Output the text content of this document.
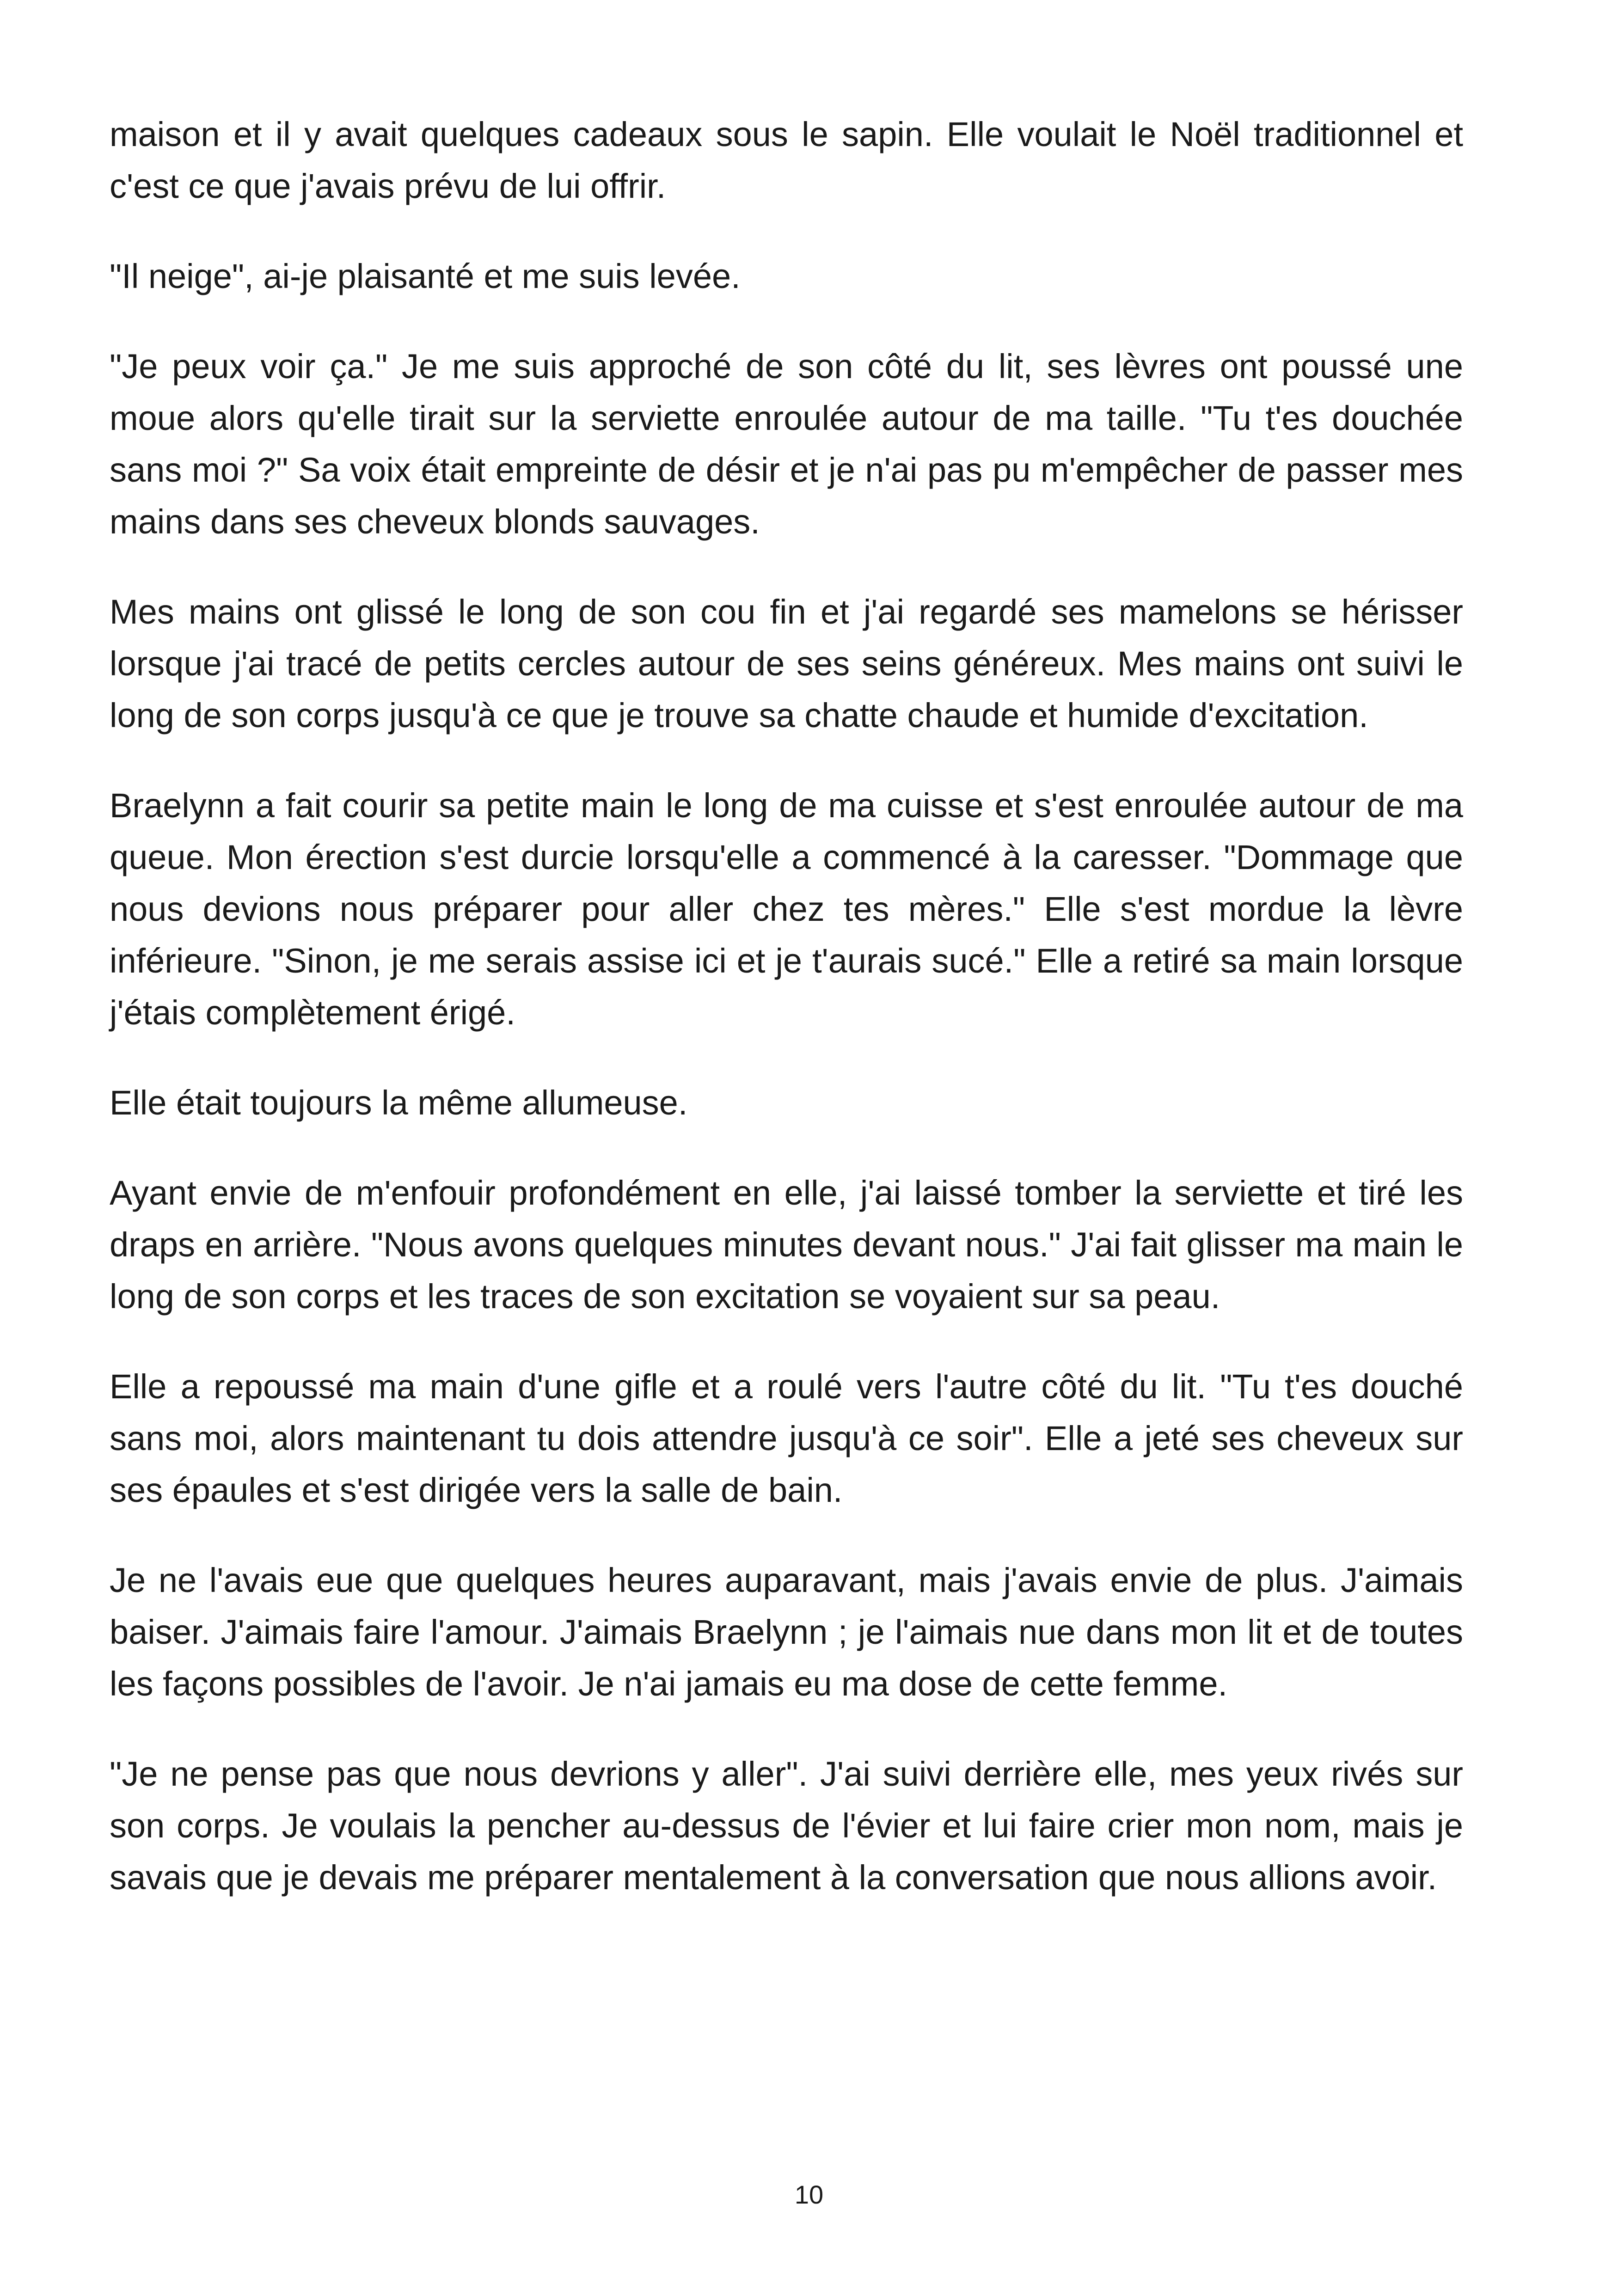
maison et il y avait quelques cadeaux sous le sapin. Elle voulait le Noël traditionnel et c'est ce que j'avais prévu de lui offrir.

"Il neige", ai-je plaisanté et me suis levée.

"Je peux voir ça." Je me suis approché de son côté du lit, ses lèvres ont poussé une moue alors qu'elle tirait sur la serviette enroulée autour de ma taille. "Tu t'es douchée sans moi ?" Sa voix était empreinte de désir et je n'ai pas pu m'empêcher de passer mes mains dans ses cheveux blonds sauvages.

Mes mains ont glissé le long de son cou fin et j'ai regardé ses mamelons se hérisser lorsque j'ai tracé de petits cercles autour de ses seins généreux. Mes mains ont suivi le long de son corps jusqu'à ce que je trouve sa chatte chaude et humide d'excitation.

Braelynn a fait courir sa petite main le long de ma cuisse et s'est enroulée autour de ma queue. Mon érection s'est durcie lorsqu'elle a commencé à la caresser. "Dommage que nous devions nous préparer pour aller chez tes mères." Elle s'est mordue la lèvre inférieure. "Sinon, je me serais assise ici et je t'aurais sucé." Elle a retiré sa main lorsque j'étais complètement érigé.

Elle était toujours la même allumeuse.

Ayant envie de m'enfouir profondément en elle, j'ai laissé tomber la serviette et tiré les draps en arrière. "Nous avons quelques minutes devant nous." J'ai fait glisser ma main le long de son corps et les traces de son excitation se voyaient sur sa peau.

Elle a repoussé ma main d'une gifle et a roulé vers l'autre côté du lit. "Tu t'es douché sans moi, alors maintenant tu dois attendre jusqu'à ce soir". Elle a jeté ses cheveux sur ses épaules et s'est dirigée vers la salle de bain.

Je ne l'avais eue que quelques heures auparavant, mais j'avais envie de plus. J'aimais baiser. J'aimais faire l'amour. J'aimais Braelynn ; je l'aimais nue dans mon lit et de toutes les façons possibles de l'avoir. Je n'ai jamais eu ma dose de cette femme.

"Je ne pense pas que nous devrions y aller". J'ai suivi derrière elle, mes yeux rivés sur son corps. Je voulais la pencher au-dessus de l'évier et lui faire crier mon nom, mais je savais que je devais me préparer mentalement à la conversation que nous allions avoir.

10
